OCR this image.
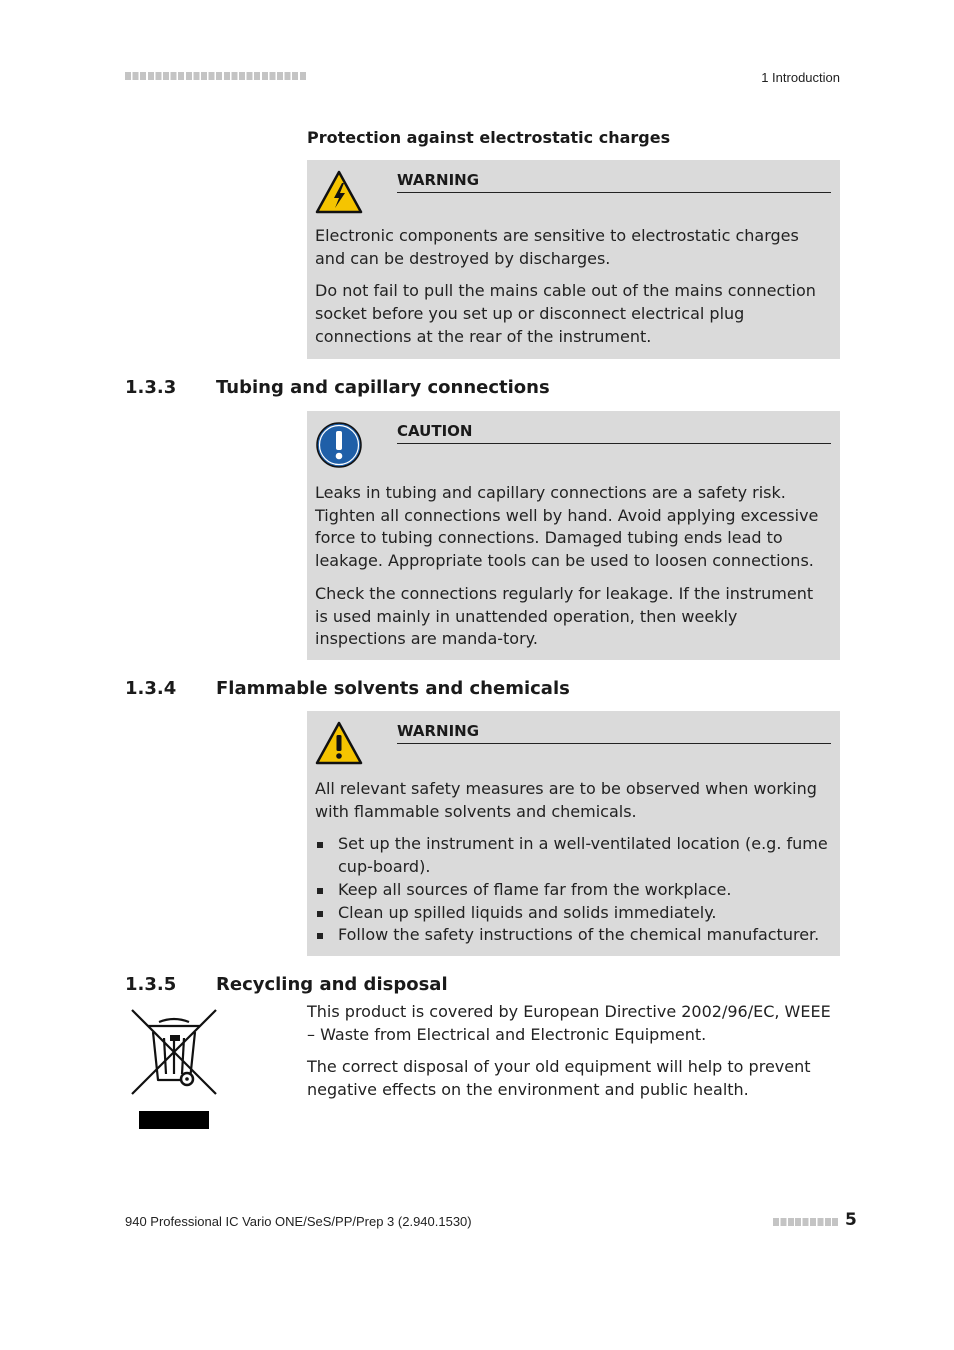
1 Introduction
Protection against electrostatic charges
WARNING

Electronic components are sensitive to electrostatic charges and can be destroyed by discharges.

Do not fail to pull the mains cable out of the mains connection socket before you set up or disconnect electrical plug connections at the rear of the instrument.

1.3.3 Tubing and capillary connections
CAUTION

Leaks in tubing and capillary connections are a safety risk. Tighten all connections well by hand. Avoid applying excessive force to tubing connections. Damaged tubing ends lead to leakage. Appropriate tools can be used to loosen connections.

Check the connections regularly for leakage. If the instrument is used mainly in unattended operation, then weekly inspections are manda-tory.

1.3.4 Flammable solvents and chemicals
WARNING

All relevant safety measures are to be observed when working with flammable solvents and chemicals.

Set up the instrument in a well-ventilated location (e.g. fume cup-board).
Keep all sources of flame far from the workplace.
Clean up spilled liquids and solids immediately.
Follow the safety instructions of the chemical manufacturer.
1.3.5 Recycling and disposal

This product is covered by European Directive 2002/96/EC, WEEE – Waste from Electrical and Electronic Equipment.

The correct disposal of your old equipment will help to prevent negative effects on the environment and public health.

940 Professional IC Vario ONE/SeS/PP/Prep 3 (2.940.1530)	5
